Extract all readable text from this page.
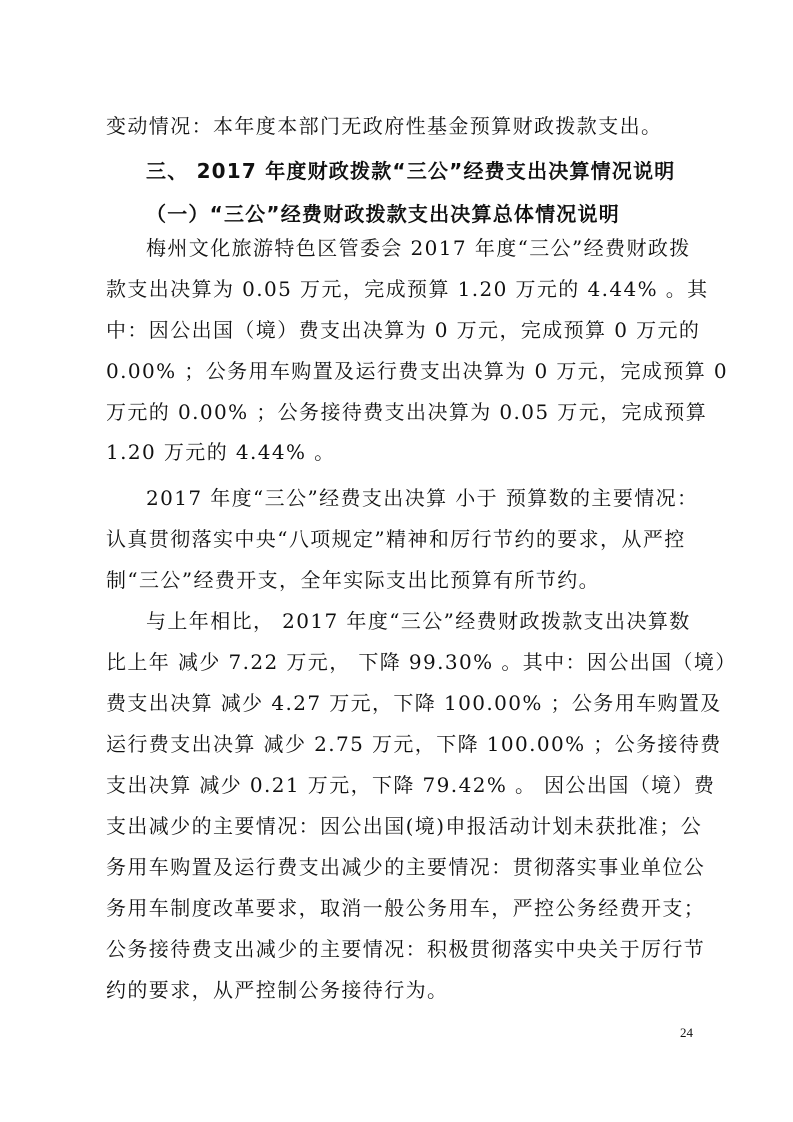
变动情况：本年度本部门无政府性基金预算财政拨款支出。
三、 2017 年度财政拨款“三公”经费支出决算情况说明
（一）“三公”经费财政拨款支出决算总体情况说明
梅州文化旅游特色区管委会 2017 年度“三公”经费财政拨
款支出决算为 0.05 万元，完成预算 1.20 万元的 4.44% 。其
中：因公出国（境）费支出决算为 0 万元，完成预算 0 万元的
0.00% ；公务用车购置及运行费支出决算为 0 万元，完成预算 0
万元的 0.00% ；公务接待费支出决算为 0.05 万元，完成预算
1.20 万元的 4.44% 。
2017 年度“三公”经费支出决算 小于 预算数的主要情况：
认真贯彻落实中央“八项规定”精神和厉行节约的要求，从严控
制“三公”经费开支，全年实际支出比预算有所节约。
与上年相比， 2017 年度“三公”经费财政拨款支出决算数
比上年 减少 7.22 万元， 下降 99.30% 。其中：因公出国（境）
费支出决算 减少 4.27 万元，下降 100.00% ；公务用车购置及
运行费支出决算 减少 2.75 万元，下降 100.00% ；公务接待费
支出决算 减少 0.21 万元，下降 79.42% 。 因公出国（境）费
支出减少的主要情况：因公出国(境)申报活动计划未获批准；公
务用车购置及运行费支出减少的主要情况：贯彻落实事业单位公
务用车制度改革要求，取消一般公务用车，严控公务经费开支；
公务接待费支出减少的主要情况：积极贯彻落实中央关于厉行节
约的要求，从严控制公务接待行为。
24
